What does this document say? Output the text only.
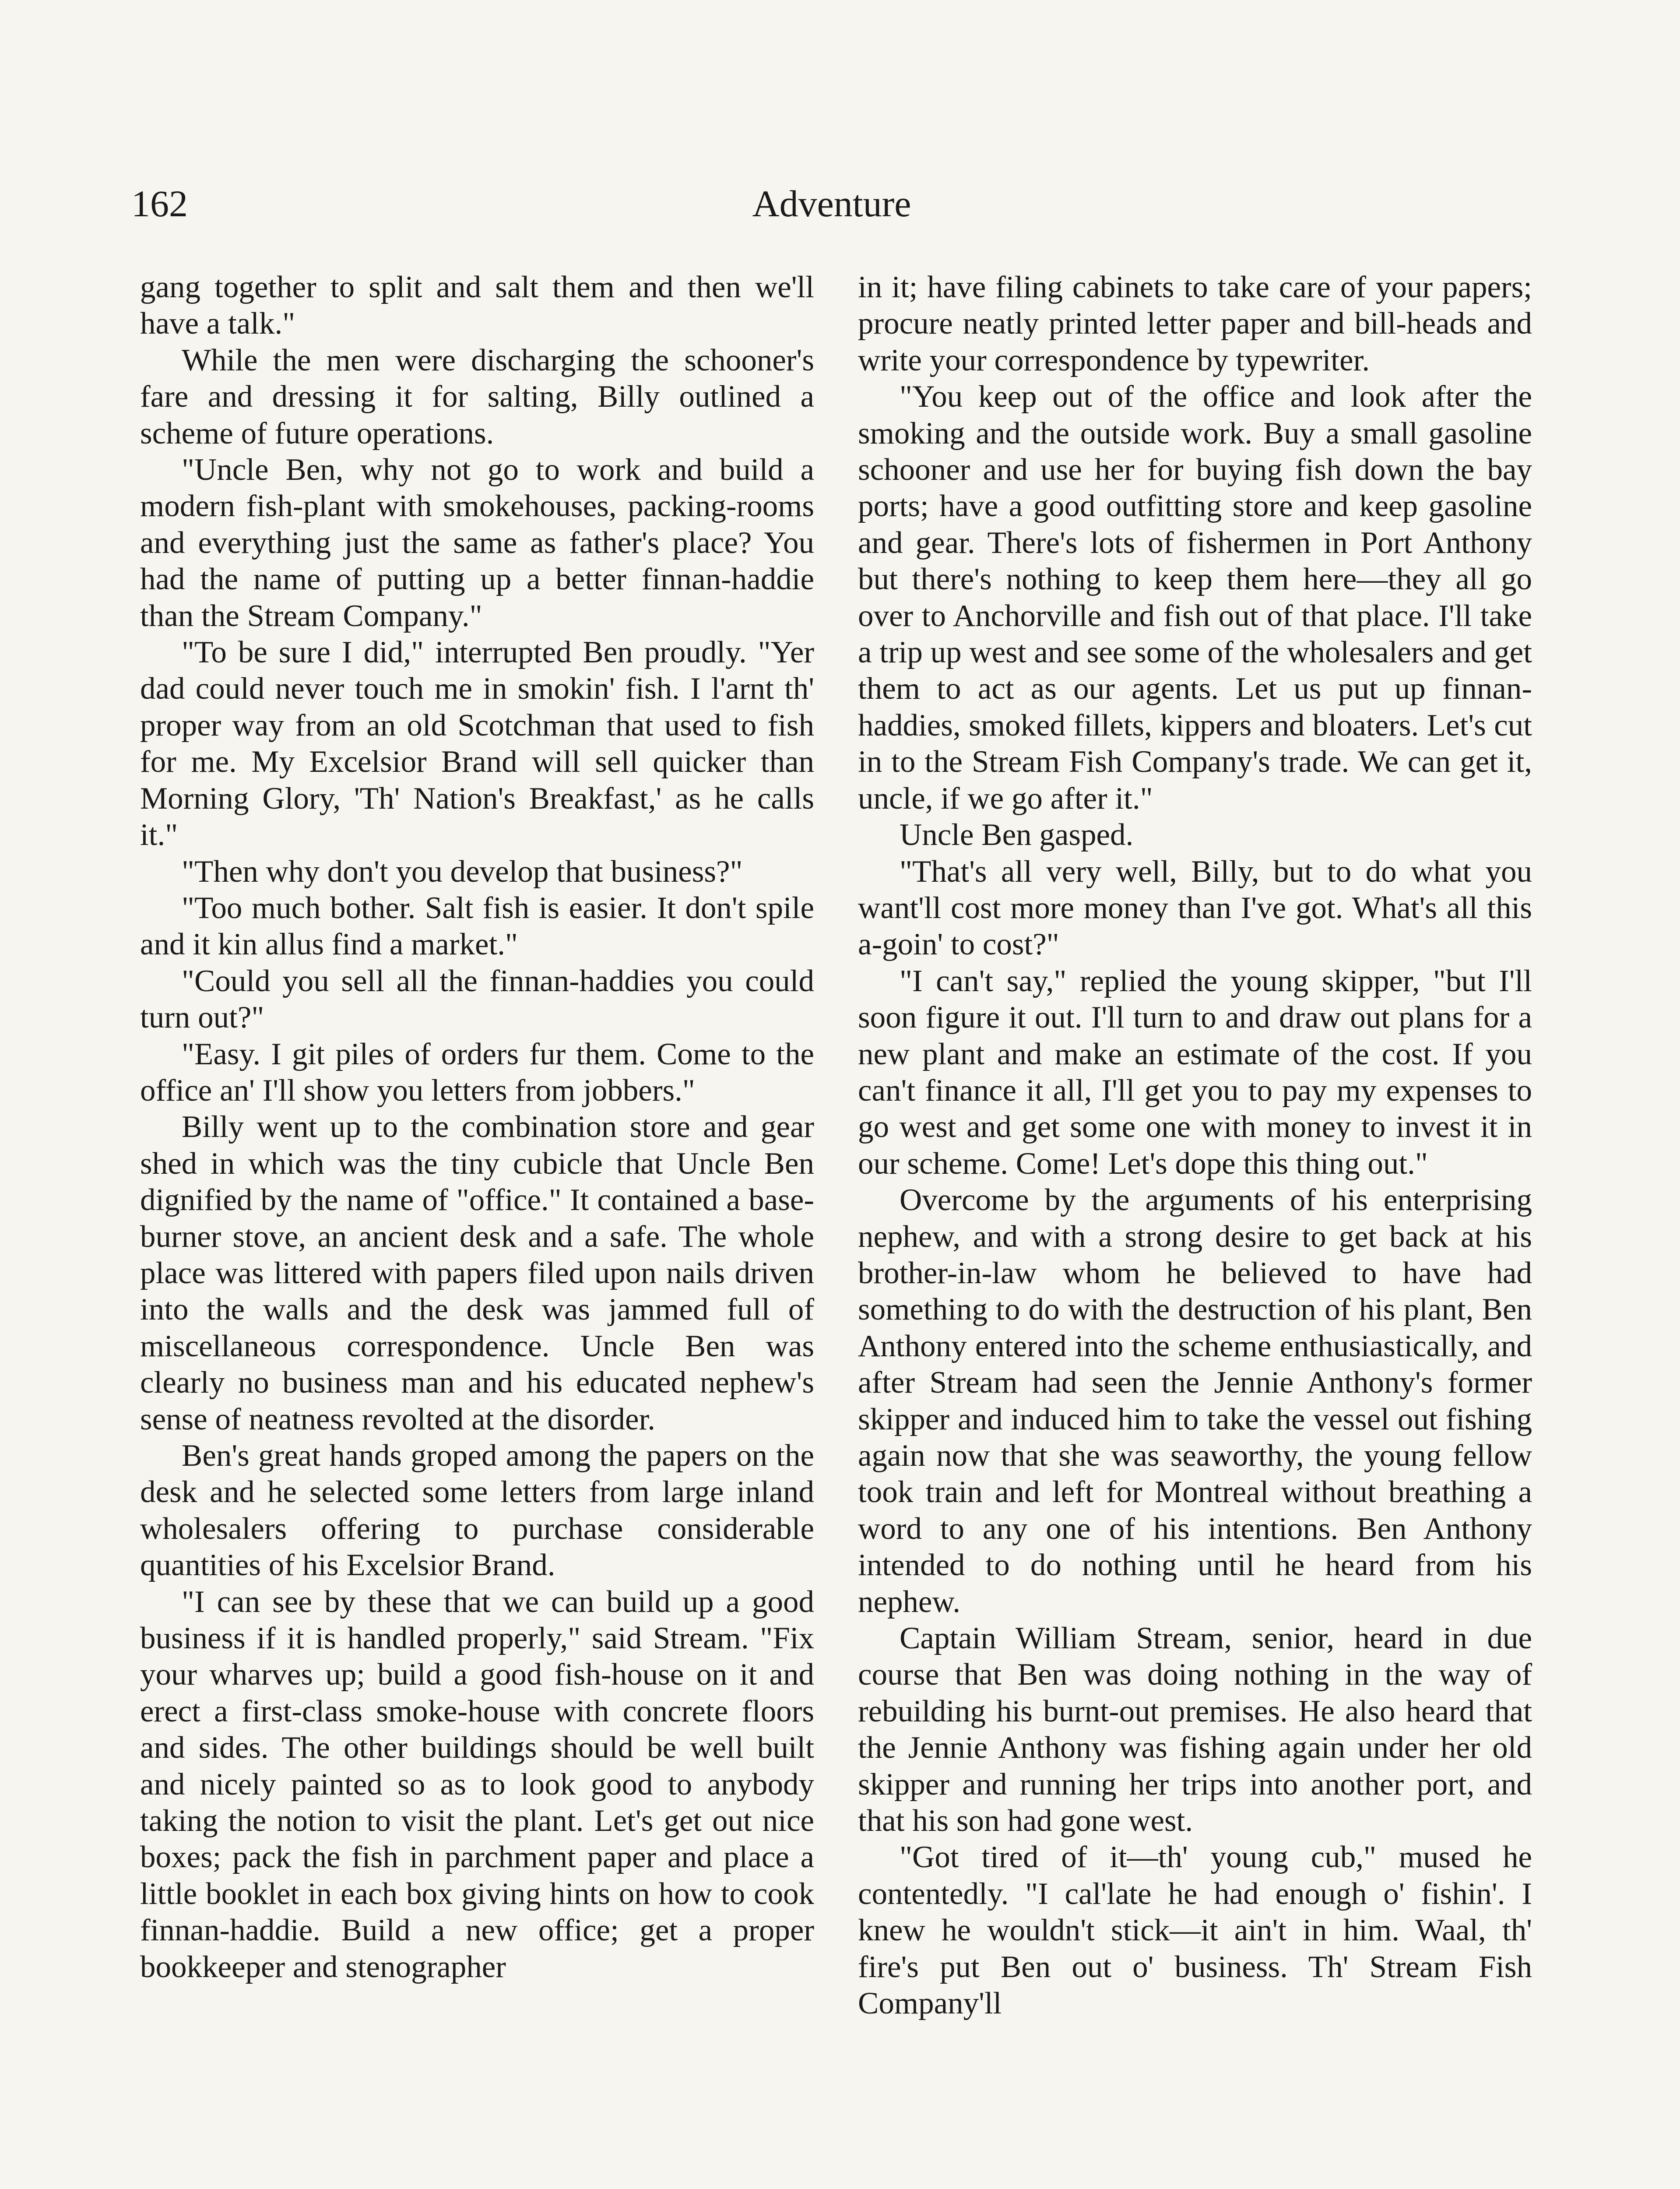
162	Adventure

gang together to split and salt them and then we'll have a talk."

While the men were discharging the schooner's fare and dressing it for salting, Billy outlined a scheme of future operations.

"Uncle Ben, why not go to work and build a modern fish-plant with smokehouses, packing-rooms and everything just the same as father's place? You had the name of putting up a better finnan-haddie than the Stream Company."

"To be sure I did," interrupted Ben proudly. "Yer dad could never touch me in smokin' fish. I l'arnt th' proper way from an old Scotchman that used to fish for me. My Excelsior Brand will sell quicker than Morning Glory, 'Th' Nation's Breakfast,' as he calls it."

"Then why don't you develop that business?"

"Too much bother. Salt fish is easier. It don't spile and it kin allus find a market."

"Could you sell all the finnan-haddies you could turn out?"

"Easy. I git piles of orders fur them. Come to the office an' I'll show you letters from jobbers."

Billy went up to the combination store and gear shed in which was the tiny cubicle that Uncle Ben dignified by the name of "office." It contained a base-burner stove, an ancient desk and a safe. The whole place was littered with papers filed upon nails driven into the walls and the desk was jammed full of miscellaneous correspondence. Uncle Ben was clearly no business man and his educated nephew's sense of neatness revolted at the disorder.

Ben's great hands groped among the papers on the desk and he selected some letters from large inland wholesalers offering to purchase considerable quantities of his Excelsior Brand.

"I can see by these that we can build up a good business if it is handled properly," said Stream. "Fix your wharves up; build a good fish-house on it and erect a first-class smoke-house with concrete floors and sides. The other buildings should be well built and nicely painted so as to look good to anybody taking the notion to visit the plant. Let's get out nice boxes; pack the fish in parchment paper and place a little booklet in each box giving hints on how to cook finnan-haddie. Build a new office; get a proper bookkeeper and stenographer

in it; have filing cabinets to take care of your papers; procure neatly printed letter paper and bill-heads and write your correspondence by typewriter.

"You keep out of the office and look after the smoking and the outside work. Buy a small gasoline schooner and use her for buying fish down the bay ports; have a good outfitting store and keep gasoline and gear. There's lots of fishermen in Port Anthony but there's nothing to keep them here—they all go over to Anchorville and fish out of that place. I'll take a trip up west and see some of the wholesalers and get them to act as our agents. Let us put up finnan-haddies, smoked fillets, kippers and bloaters. Let's cut in to the Stream Fish Company's trade. We can get it, uncle, if we go after it."

Uncle Ben gasped.

"That's all very well, Billy, but to do what you want'll cost more money than I've got. What's all this a-goin' to cost?"

"I can't say," replied the young skipper, "but I'll soon figure it out. I'll turn to and draw out plans for a new plant and make an estimate of the cost. If you can't finance it all, I'll get you to pay my expenses to go west and get some one with money to invest it in our scheme. Come! Let's dope this thing out."

Overcome by the arguments of his enterprising nephew, and with a strong desire to get back at his brother-in-law whom he believed to have had something to do with the destruction of his plant, Ben Anthony entered into the scheme enthusiastically, and after Stream had seen the Jennie Anthony's former skipper and induced him to take the vessel out fishing again now that she was seaworthy, the young fellow took train and left for Montreal without breathing a word to any one of his intentions. Ben Anthony intended to do nothing until he heard from his nephew.

Captain William Stream, senior, heard in due course that Ben was doing nothing in the way of rebuilding his burnt-out premises. He also heard that the Jennie Anthony was fishing again under her old skipper and running her trips into another port, and that his son had gone west.

"Got tired of it—th' young cub," mused he contentedly. "I cal'late he had enough o' fishin'. I knew he wouldn't stick—it ain't in him. Waal, th' fire's put Ben out o' business. Th' Stream Fish Company'll
